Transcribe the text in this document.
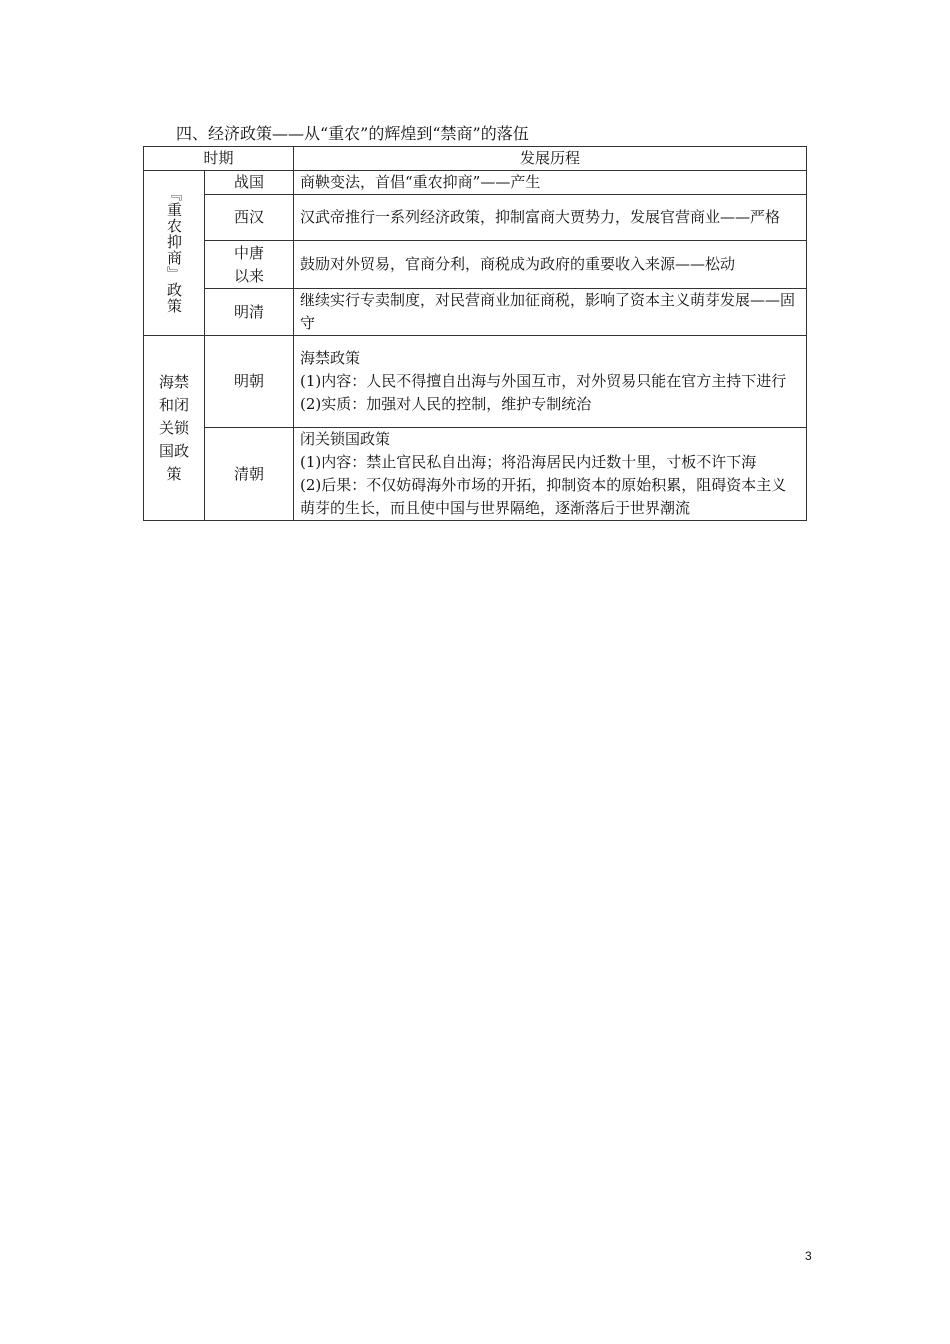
四、经济政策——从“重农”的辉煌到“禁商”的落伍
时期		发展历程
『重农抑商』政策	战国	商鞅变法，首倡“重农抑商”——产生

	西汉	汉武帝推行一系列经济政策，抑制富商大贾势力，发展官营商业——严格

	中唐以来	鼓励对外贸易，官商分利，商税成为政府的重要收入来源——松动

	明清	继续实行专卖制度，对民营商业加征商税，影响了资本主义萌芽发展——固守

海禁和闭关锁国政策	明朝	海禁政策
(1)内容：人民不得擅自出海与外国互市，对外贸易只能在官方主持下进行
(2)实质：加强对人民的控制，维护专制统治

	清朝	闭关锁国政策
(1)内容：禁止官民私自出海；将沿海居民内迁数十里，寸板不许下海
(2)后果：不仅妨碍海外市场的开拓，抑制资本的原始积累，阻碍资本主义萌芽的生长，而且使中国与世界隔绝，逐渐落后于世界潮流
3
